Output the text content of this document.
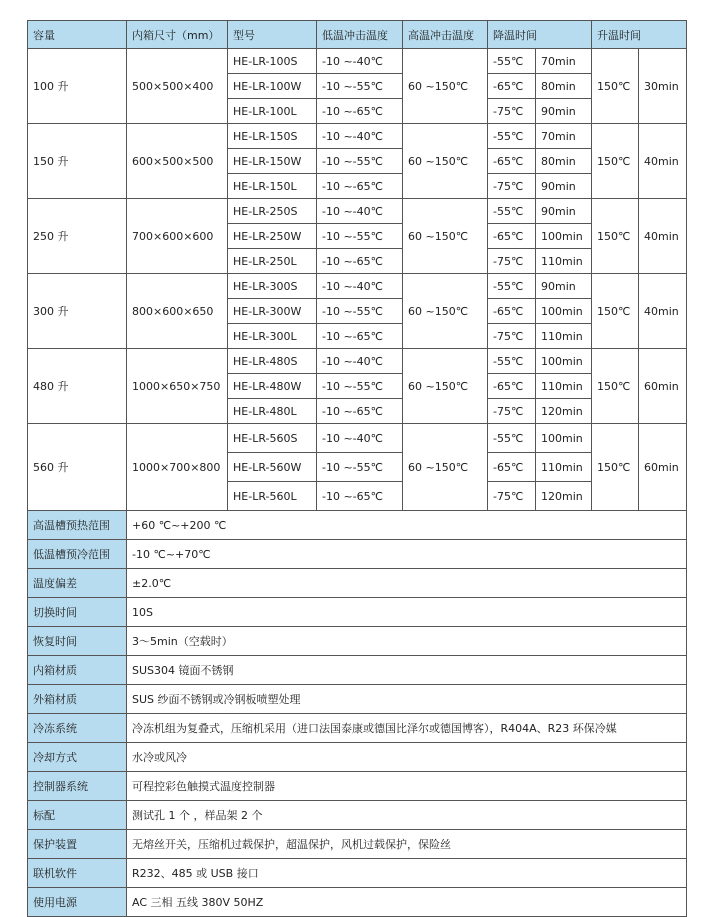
容量	内箱尺寸（mm）	型号	低温冲击温度	高温冲击温度	降温时间		升温时间	
100 升	500×500×400	HE-LR-100S	-10 ~-40℃	60 ~150℃	-55℃	70min	150℃	30min
		HE-LR-100W	-10 ~-55℃		-65℃	80min		
		HE-LR-100L	-10 ~-65℃		-75℃	90min		
150 升	600×500×500	HE-LR-150S	-10 ~-40℃	60 ~150℃	-55℃	70min	150℃	40min
		HE-LR-150W	-10 ~-55℃		-65℃	80min		
		HE-LR-150L	-10 ~-65℃		-75℃	90min		
250 升	700×600×600	HE-LR-250S	-10 ~-40℃	60 ~150℃	-55℃	90min	150℃	40min
		HE-LR-250W	-10 ~-55℃		-65℃	100min		
		HE-LR-250L	-10 ~-65℃		-75℃	110min		
300 升	800×600×650	HE-LR-300S	-10 ~-40℃	60 ~150℃	-55℃	90min	150℃	40min
		HE-LR-300W	-10 ~-55℃		-65℃	100min		
		HE-LR-300L	-10 ~-65℃		-75℃	110min		
480 升	1000×650×750	HE-LR-480S	-10 ~-40℃	60 ~150℃	-55℃	100min	150℃	60min
		HE-LR-480W	-10 ~-55℃		-65℃	110min		
		HE-LR-480L	-10 ~-65℃		-75℃	120min		
560 升	1000×700×800	HE-LR-560S	-10 ~-40℃	60 ~150℃	-55℃	100min	150℃	60min
		HE-LR-560W	-10 ~-55℃		-65℃	110min		
		HE-LR-560L	-10 ~-65℃		-75℃	120min		
高温槽预热范围	+60 ℃~+200 ℃							
低温槽预冷范围	-10 ℃~+70℃							
温度偏差	±2.0℃							
切换时间	10S							
恢复时间	3～5min（空载时）							
内箱材质	SUS304 镜面不锈钢							
外箱材质	SUS 纱面不锈钢或冷钢板喷塑处理							
冷冻系统	冷冻机组为复叠式，压缩机采用（进口法国泰康或德国比泽尔或德国博客），R404A、R23 环保冷媒							
冷却方式	水冷或风冷							
控制器系统	可程控彩色触摸式温度控制器							
标配	测试孔 1 个 ，样品架 2 个							
保护装置	无熔丝开关，压缩机过载保护，超温保护，风机过载保护，保险丝							
联机软件	R232、485 或 USB 接口							
使用电源	AC 三相 五线 380V 50HZ							
